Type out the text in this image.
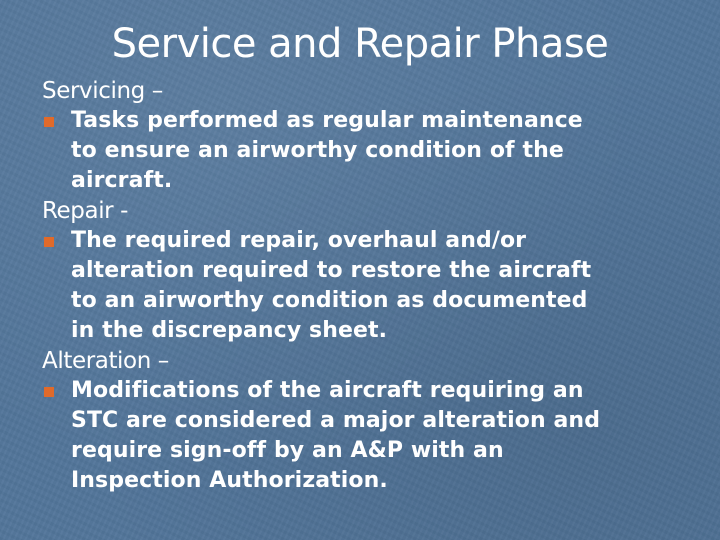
Service and Repair Phase

Servicing –

Tasks performed as regular maintenance
to ensure an airworthy condition of the
aircraft.

Repair -

The required repair, overhaul and/or
alteration required to restore the aircraft
to an airworthy condition as documented
in the discrepancy sheet.

Alteration –

Modifications of the aircraft requiring an
STC are considered a major alteration and
require sign-off by an A&P with an
Inspection Authorization.
